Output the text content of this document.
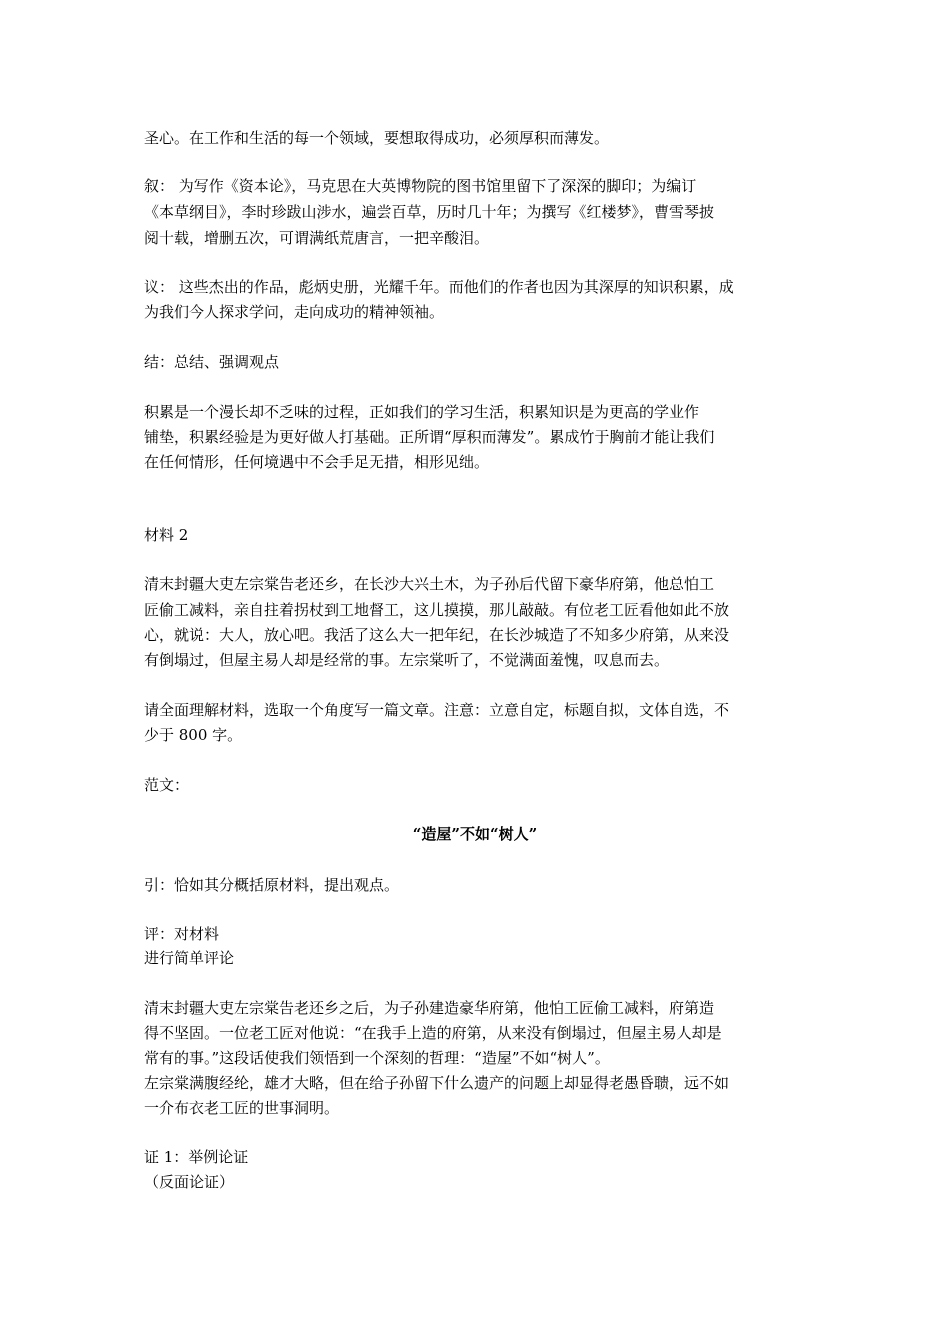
圣心。在工作和生活的每一个领域，要想取得成功，必须厚积而薄发。
叙： 为写作《资本论》，马克思在大英博物院的图书馆里留下了深深的脚印；为编订
《本草纲目》，李时珍跋山涉水，遍尝百草，历时几十年；为撰写《红楼梦》，曹雪琴披
阅十载，增删五次，可谓满纸荒唐言，一把辛酸泪。
议： 这些杰出的作品，彪炳史册，光耀千年。而他们的作者也因为其深厚的知识积累，成
为我们今人探求学问，走向成功的精神领袖。
结：总结、强调观点
积累是一个漫长却不乏味的过程，正如我们的学习生活，积累知识是为更高的学业作
铺垫，积累经验是为更好做人打基础。正所谓“厚积而薄发”。累成竹于胸前才能让我们
在任何情形，任何境遇中不会手足无措，相形见绌。
材料 2
清末封疆大吏左宗棠告老还乡，在长沙大兴土木，为子孙后代留下豪华府第，他总怕工
匠偷工减料，亲自拄着拐杖到工地督工，这儿摸摸，那儿敲敲。有位老工匠看他如此不放
心，就说：大人，放心吧。我活了这么大一把年纪，在长沙城造了不知多少府第，从来没
有倒塌过，但屋主易人却是经常的事。左宗棠听了，不觉满面羞愧，叹息而去。
请全面理解材料，选取一个角度写一篇文章。注意：立意自定，标题自拟，文体自选，不
少于 800 字。
范文：
“造屋”不如“树人”
引：恰如其分概括原材料，提出观点。
评：对材料
进行简单评论
清末封疆大吏左宗棠告老还乡之后，为子孙建造豪华府第，他怕工匠偷工减料，府第造
得不坚固。一位老工匠对他说：“在我手上造的府第，从来没有倒塌过，但屋主易人却是
常有的事。”这段话使我们领悟到一个深刻的哲理：“造屋”不如“树人”。
左宗棠满腹经纶，雄才大略，但在给子孙留下什么遗产的问题上却显得老愚昏聩，远不如
一介布衣老工匠的世事洞明。
证 1：举例论证
（反面论证）
